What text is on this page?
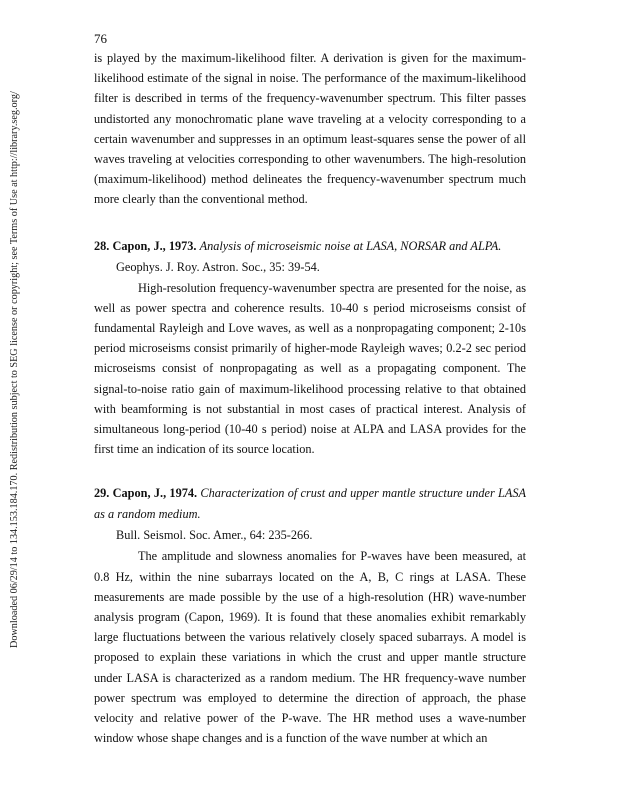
Downloaded 06/29/14 to 134.153.184.170. Redistribution subject to SEG license or copyright; see Terms of Use at http://library.seg.org/
76

is played by the maximum-likelihood filter. A derivation is given for the maximum-likelihood estimate of the signal in noise. The performance of the maximum-likelihood filter is described in terms of the frequency-wavenumber spectrum. This filter passes undistorted any monochromatic plane wave traveling at a velocity corresponding to a certain wavenumber and suppresses in an optimum least-squares sense the power of all waves traveling at velocities corresponding to other wavenumbers. The high-resolution (maximum-likelihood) method delineates the frequency-wavenumber spectrum much more clearly than the conventional method.

28. Capon, J., 1973. Analysis of microseismic noise at LASA, NORSAR and ALPA.
Geophys. J. Roy. Astron. Soc., 35: 39-54.

High-resolution frequency-wavenumber spectra are presented for the noise, as well as power spectra and coherence results. 10-40 s period microseisms consist of fundamental Rayleigh and Love waves, as well as a nonpropagating component; 2-10s period microseisms consist primarily of higher-mode Rayleigh waves; 0.2-2 sec period microseisms consist of nonpropagating as well as a propagating component. The signal-to-noise ratio gain of maximum-likelihood processing relative to that obtained with beamforming is not substantial in most cases of practical interest. Analysis of simultaneous long-period (10-40 s period) noise at ALPA and LASA provides for the first time an indication of its source location.

29. Capon, J., 1974. Characterization of crust and upper mantle structure under LASA as a random medium.
Bull. Seismol. Soc. Amer., 64: 235-266.

The amplitude and slowness anomalies for P-waves have been measured, at 0.8 Hz, within the nine subarrays located on the A, B, C rings at LASA. These measurements are made possible by the use of a high-resolution (HR) wave-number analysis program (Capon, 1969). It is found that these anomalies exhibit remarkably large fluctuations between the various relatively closely spaced subarrays. A model is proposed to explain these variations in which the crust and upper mantle structure under LASA is characterized as a random medium. The HR frequency-wave number power spectrum was employed to determine the direction of approach, the phase velocity and relative power of the P-wave. The HR method uses a wave-number window whose shape changes and is a function of the wave number at which an
